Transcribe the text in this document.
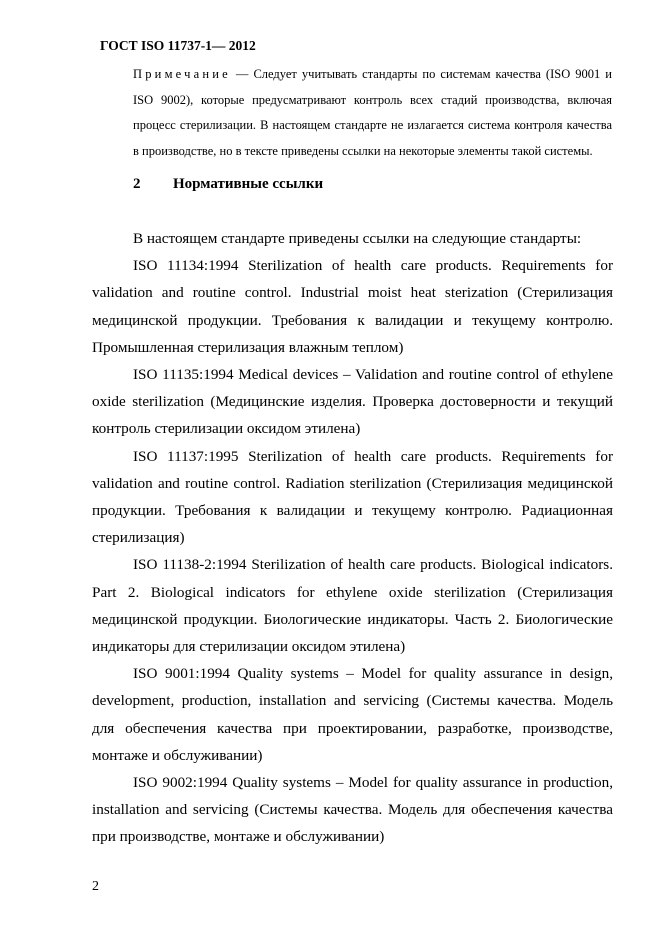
ГОСТ ISO 11737-1— 2012
Примечание — Следует учитывать стандарты по системам качества (ISO 9001 и ISO 9002), которые предусматривают контроль всех стадий производства, включая процесс стерилизации. В настоящем стандарте не излагается система контроля качества в производстве, но в тексте приведены ссылки на некоторые элементы такой системы.
2 Нормативные ссылки

В настоящем стандарте приведены ссылки на следующие стандарты:

ISO 11134:1994 Sterilization of health care products. Requirements for validation and routine control. Industrial moist heat sterization (Стерилизация медицинской продукции. Требования к валидации и текущему контролю. Промышленная стерилизация влажным теплом)

ISO 11135:1994 Medical devices – Validation and routine control of ethylene oxide sterilization (Медицинские изделия. Проверка достоверности и текущий контроль стерилизации оксидом этилена)

ISO 11137:1995 Sterilization of health care products. Requirements for validation and routine control. Radiation sterilization (Стерилизация медицинской продукции. Требования к валидации и текущему контролю. Радиационная стерилизация)

ISO 11138-2:1994 Sterilization of health care products. Biological indicators. Part 2. Biological indicators for ethylene oxide sterilization (Стерилизация медицинской продукции. Биологические индикаторы. Часть 2. Биологические индикаторы для стерилизации оксидом этилена)

ISO 9001:1994 Quality systems – Model for quality assurance in design, development, production, installation and servicing (Системы качества. Модель для обеспечения качества при проектировании, разработке, производстве, монтаже и обслуживании)

ISO 9002:1994 Quality systems – Model for quality assurance in production, installation and servicing (Системы качества. Модель для обеспечения качества при производстве, монтаже и обслуживании)

2
